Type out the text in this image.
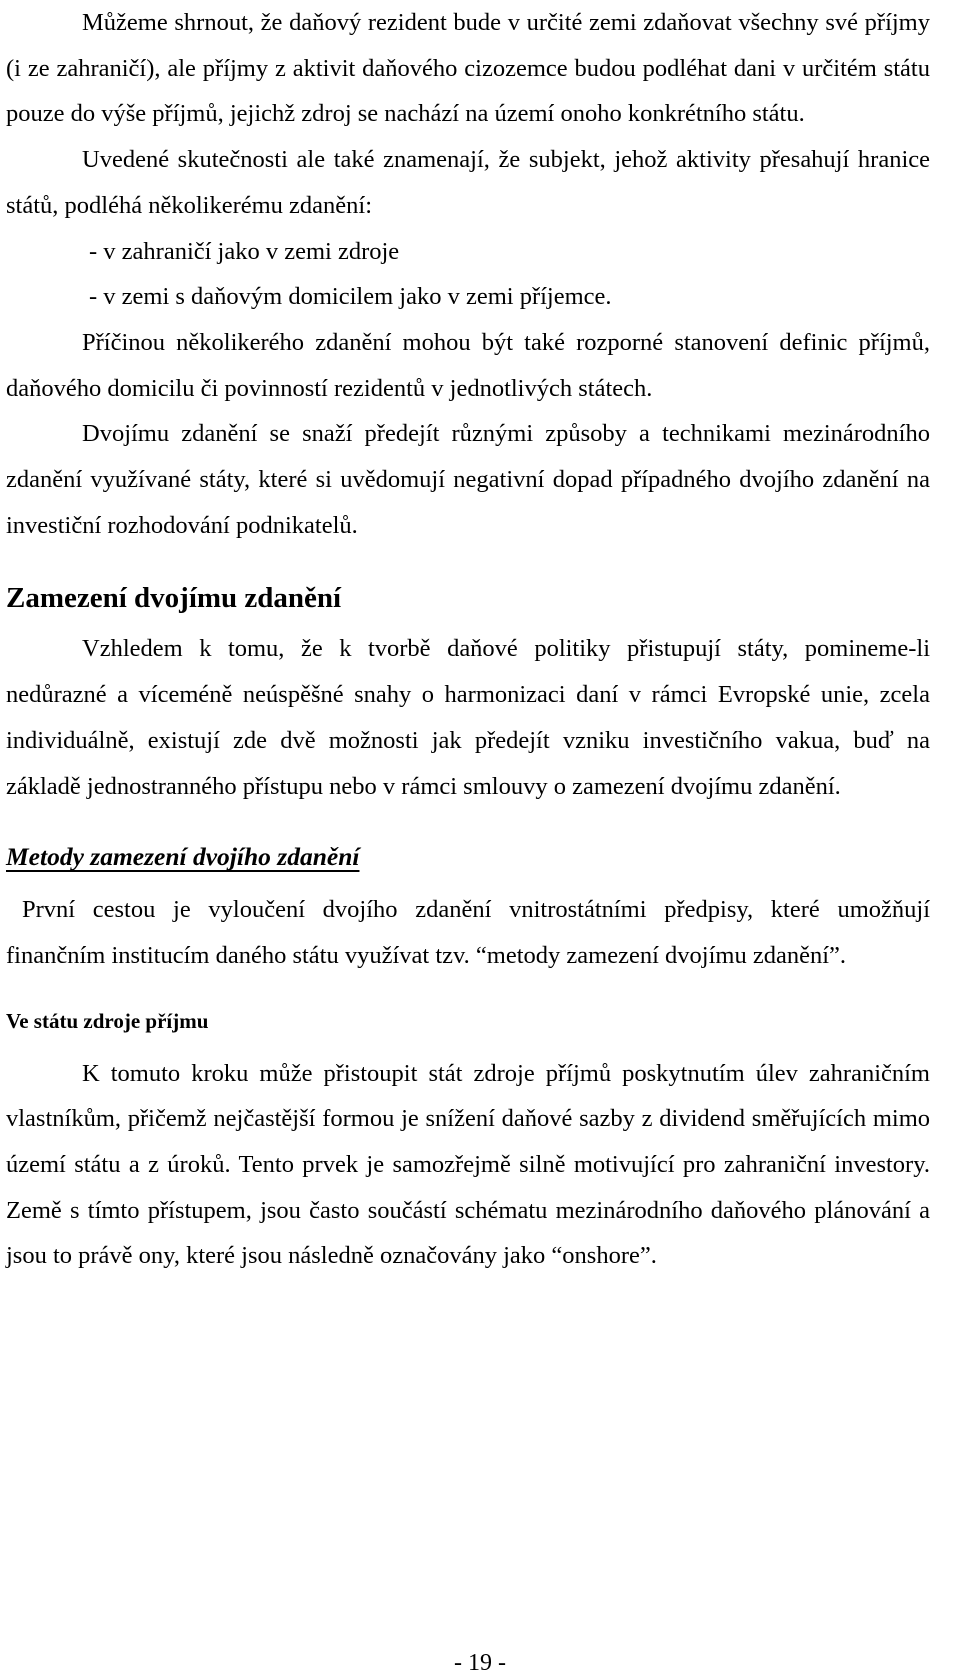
Můžeme shrnout, že daňový rezident bude v určité zemi zdaňovat všechny své příjmy (i ze zahraničí), ale příjmy z aktivit daňového cizozemce budou podléhat dani v určitém státu pouze do výše příjmů, jejichž zdroj se nachází na území onoho konkrétního státu.

Uvedené skutečnosti ale také znamenají, že subjekt, jehož aktivity přesahují hranice států, podléhá několikerému zdanění:

- v zahraničí jako v zemi zdroje

- v zemi s daňovým domicilem jako v zemi příjemce.

Příčinou několikerého zdanění mohou být také rozporné stanovení definic příjmů, daňového domicilu či povinností rezidentů v jednotlivých státech.

Dvojímu zdanění se snaží předejít různými způsoby a technikami mezinárodního zdanění využívané státy, které si uvědomují negativní dopad případného dvojího zdanění na investiční rozhodování podnikatelů.

Zamezení dvojímu zdanění

Vzhledem k tomu, že k tvorbě daňové politiky přistupují státy, pomineme-li nedůrazné a víceméně neúspěšné snahy o harmonizaci daní v rámci Evropské unie, zcela individuálně, existují zde dvě možnosti jak předejít vzniku investičního vakua, buď na základě jednostranného přístupu nebo v rámci smlouvy o zamezení dvojímu zdanění.

Metody zamezení dvojího zdanění

První cestou je vyloučení dvojího zdanění vnitrostátními předpisy, které umožňují finančním institucím daného státu využívat tzv. “metody zamezení dvojímu zdanění”.

Ve státu zdroje příjmu

K tomuto kroku může přistoupit stát zdroje příjmů poskytnutím úlev zahraničním vlastníkům, přičemž nejčastější formou je snížení daňové sazby z dividend směřujících mimo území státu a z úroků. Tento prvek je samozřejmě silně motivující pro zahraniční investory. Země s tímto přístupem, jsou často součástí schématu mezinárodního daňového plánování a jsou to právě ony, které jsou následně označovány jako “onshore”.

- 19 -
